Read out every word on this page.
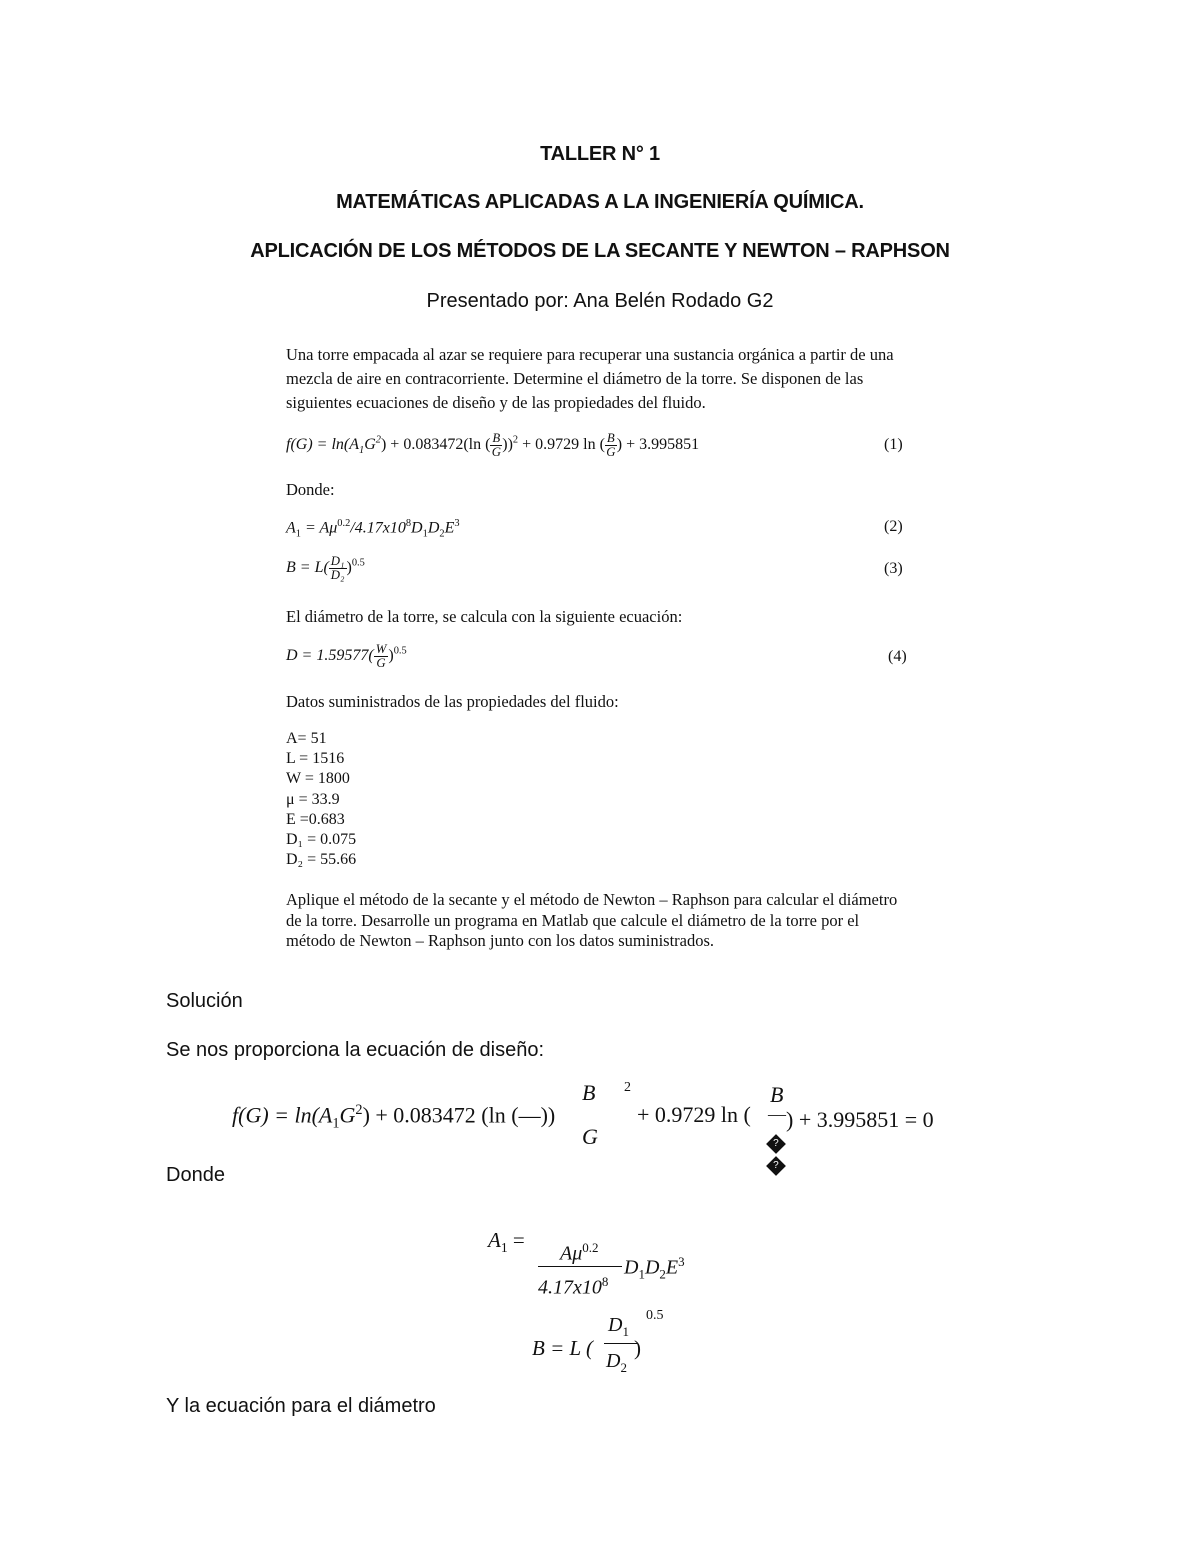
TALLER N° 1
MATEMÁTICAS APLICADAS A LA INGENIERÍA QUÍMICA.
APLICACIÓN DE LOS MÉTODOS DE LA SECANTE Y NEWTON – RAPHSON
Presentado por: Ana Belén Rodado G2
Una torre empacada al azar se requiere para recuperar una sustancia orgánica a partir de una mezcla de aire en contracorriente. Determine el diámetro de la torre. Se disponen de las siguientes ecuaciones de diseño y de las propiedades del fluido.
$f(G) = \ln(A_1G^2) + 0.083472(\ln$ ( $\frac{B}{G} ))^2 + 0.9729$ ln ( $\frac{B}{G}$ ) + 3.995851	(1)
Donde:
$A_1 = A\mu^{0.2}/4.17x10^8D_1D_2E^3$	(2)
$B = L( \frac{\text{D₁}}{\text{D₂}} )^{0.5}$	(3)
El diámetro de la torre, se calcula con la siguiente ecuación:
$D = 1.59577( \frac{W}{G} )^{0.5}$	(4)
Datos suministrados de las propiedades del fluido:
A= 51
L = 1516
W = 1800
μ = 33.9
E =0.683
D₁ = 0.075
D₂ = 55.66
Aplique el método de la secante y el método de Newton – Raphson para calcular el diámetro de la torre. Desarrolle un programa en Matlab que calcule el diámetro de la torre por el método de Newton – Raphson junto con los datos suministrados.
Solución
Se nos proporciona la ecuación de diseño:
$f(G) = \ln(A_1G^2) + 0.083472$ (ln (—))
B 2
G
+ 0.9729 ln (
B
—
?
?
) + 3.995851 = 0
Donde
$A_1$ =
$A\mu^{0.2}$
$4.17x10^8$
$D_1D_2E^3$
B = L (
$D_1$
$D_2$
)
0.5
Y la ecuación para el diámetro
